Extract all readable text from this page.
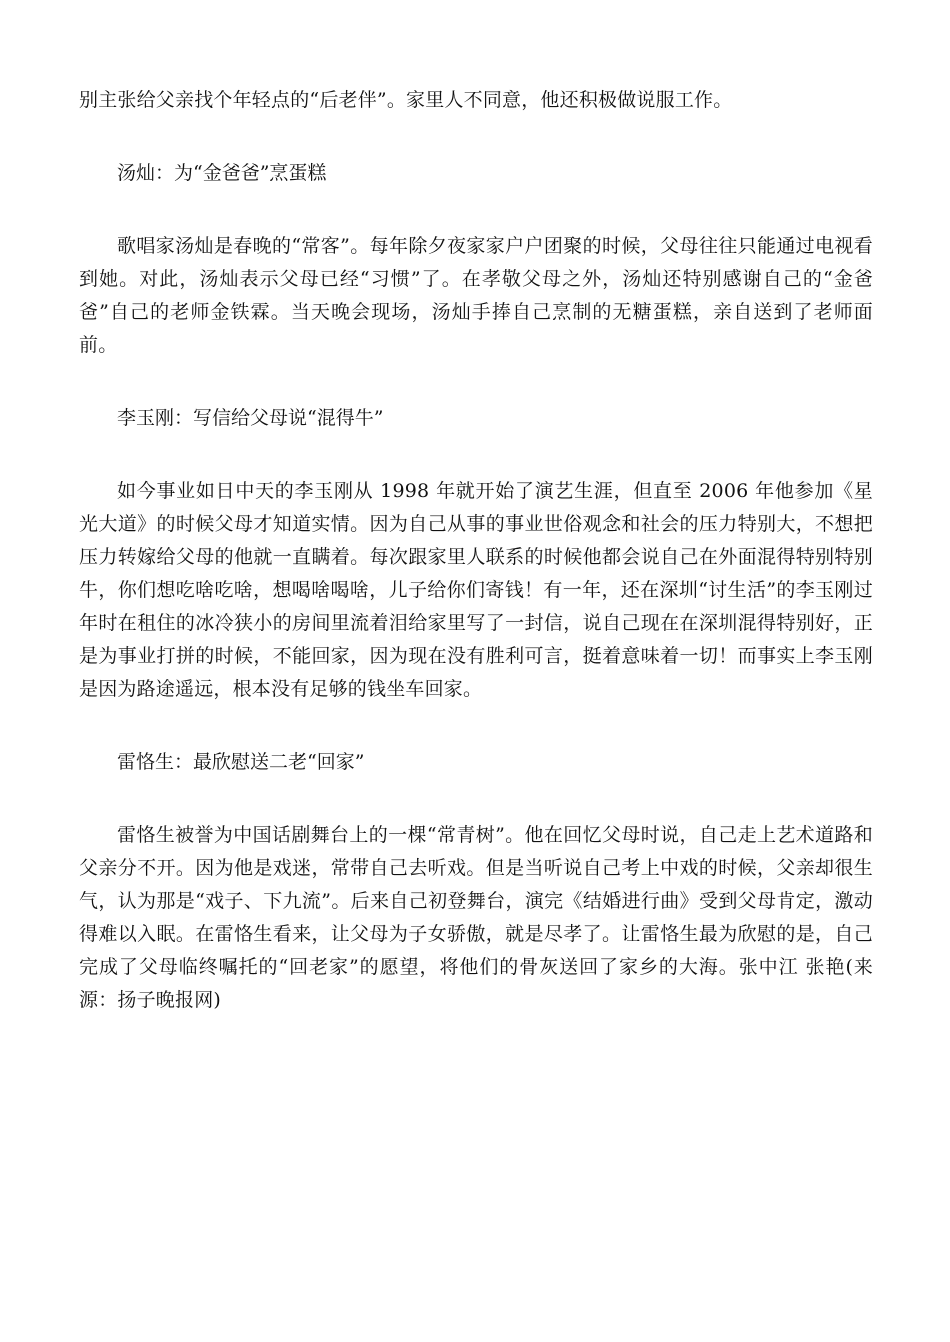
别主张给父亲找个年轻点的“后老伴”。家里人不同意，他还积极做说服工作。

汤灿：为“金爸爸”烹蛋糕

歌唱家汤灿是春晚的“常客”。每年除夕夜家家户户团聚的时候，父母往往只能通过电视看到她。对此，汤灿表示父母已经“习惯”了。在孝敬父母之外，汤灿还特别感谢自己的“金爸爸”自己的老师金铁霖。当天晚会现场，汤灿手捧自己烹制的无糖蛋糕，亲自送到了老师面前。

李玉刚：写信给父母说“混得牛”

如今事业如日中天的李玉刚从 1998 年就开始了演艺生涯，但直至 2006 年他参加《星光大道》的时候父母才知道实情。因为自己从事的事业世俗观念和社会的压力特别大，不想把压力转嫁给父母的他就一直瞒着。每次跟家里人联系的时候他都会说自己在外面混得特别特别牛，你们想吃啥吃啥，想喝啥喝啥，儿子给你们寄钱！有一年，还在深圳“讨生活”的李玉刚过年时在租住的冰冷狭小的房间里流着泪给家里写了一封信，说自己现在在深圳混得特别好，正是为事业打拼的时候，不能回家，因为现在没有胜利可言，挺着意味着一切！而事实上李玉刚是因为路途遥远，根本没有足够的钱坐车回家。

雷恪生：最欣慰送二老“回家”

雷恪生被誉为中国话剧舞台上的一棵“常青树”。他在回忆父母时说，自己走上艺术道路和父亲分不开。因为他是戏迷，常带自己去听戏。但是当听说自己考上中戏的时候，父亲却很生气，认为那是“戏子、下九流”。后来自己初登舞台，演完《结婚进行曲》受到父母肯定，激动得难以入眠。在雷恪生看来，让父母为子女骄傲，就是尽孝了。让雷恪生最为欣慰的是，自己完成了父母临终嘱托的“回老家”的愿望，将他们的骨灰送回了家乡的大海。张中江 张艳(来源：扬子晚报网)
